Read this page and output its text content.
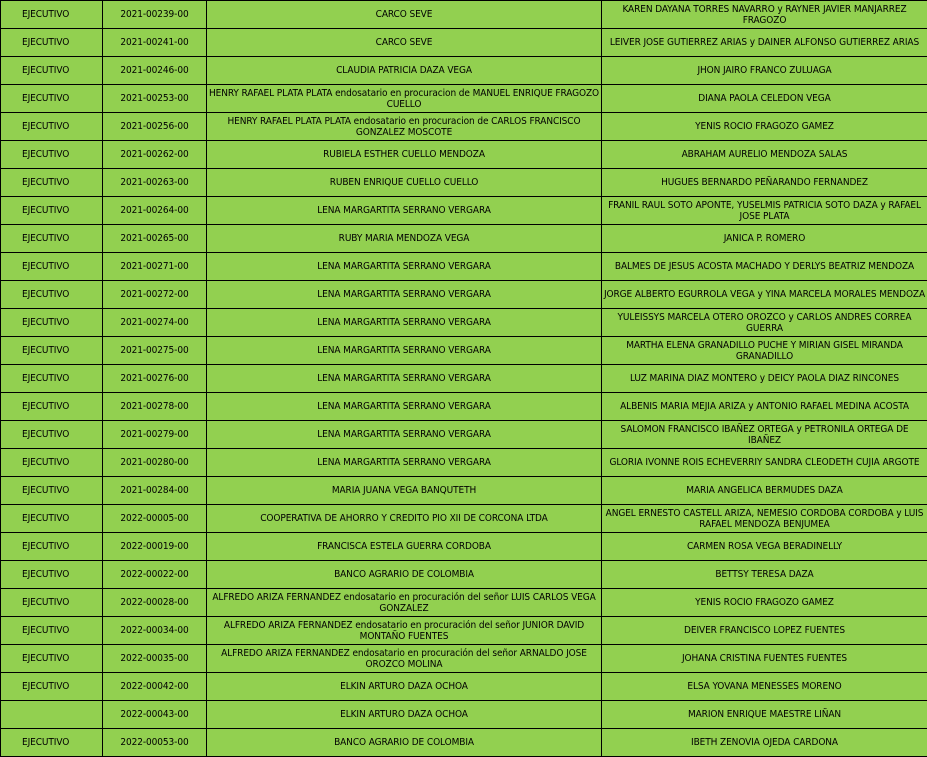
EJECUTIVO	2021-00239-00	CARCO SEVE	KAREN DAYANA TORRES NAVARRO y RAYNER JAVIER MANJARREZ FRAGOZO
EJECUTIVO	2021-00241-00	CARCO SEVE	LEIVER JOSE GUTIERREZ ARIAS y DAINER ALFONSO GUTIERREZ ARIAS
EJECUTIVO	2021-00246-00	CLAUDIA PATRICIA DAZA VEGA	JHON JAIRO FRANCO ZULUAGA
EJECUTIVO	2021-00253-00	HENRY RAFAEL PLATA PLATA endosatario en procuracion de MANUEL ENRIQUE FRAGOZO CUELLO	DIANA PAOLA CELEDON VEGA
EJECUTIVO	2021-00256-00	HENRY RAFAEL PLATA PLATA endosatario en procuracion de CARLOS FRANCISCO GONZALEZ MOSCOTE	YENIS ROCIO FRAGOZO GAMEZ
EJECUTIVO	2021-00262-00	RUBIELA ESTHER CUELLO MENDOZA	ABRAHAM AURELIO MENDOZA SALAS
EJECUTIVO	2021-00263-00	RUBEN ENRIQUE CUELLO CUELLO	HUGUES BERNARDO PEÑARANDO FERNANDEZ
EJECUTIVO	2021-00264-00	LENA MARGARTITA SERRANO VERGARA	FRANIL RAUL SOTO APONTE, YUSELMIS PATRICIA SOTO DAZA y RAFAEL JOSE PLATA
EJECUTIVO	2021-00265-00	RUBY MARIA MENDOZA VEGA	JANICA P. ROMERO
EJECUTIVO	2021-00271-00	LENA MARGARTITA SERRANO VERGARA	BALMES DE JESUS ACOSTA MACHADO Y DERLYS BEATRIZ MENDOZA
EJECUTIVO	2021-00272-00	LENA MARGARTITA SERRANO VERGARA	JORGE ALBERTO EGURROLA VEGA y YINA MARCELA MORALES MENDOZA
EJECUTIVO	2021-00274-00	LENA MARGARTITA SERRANO VERGARA	YULEISSYS MARCELA OTERO OROZCO y CARLOS ANDRES CORREA GUERRA
EJECUTIVO	2021-00275-00	LENA MARGARTITA SERRANO VERGARA	MARTHA ELENA GRANADILLO PUCHE Y MIRIAN GISEL MIRANDA GRANADILLO
EJECUTIVO	2021-00276-00	LENA MARGARTITA SERRANO VERGARA	LUZ MARINA DIAZ MONTERO y DEICY PAOLA DIAZ RINCONES
EJECUTIVO	2021-00278-00	LENA MARGARTITA SERRANO VERGARA	ALBENIS MARIA MEJIA ARIZA y ANTONIO RAFAEL MEDINA ACOSTA
EJECUTIVO	2021-00279-00	LENA MARGARTITA SERRANO VERGARA	SALOMON FRANCISCO IBAÑEZ ORTEGA y PETRONILA ORTEGA DE IBAÑEZ
EJECUTIVO	2021-00280-00	LENA MARGARTITA SERRANO VERGARA	GLORIA IVONNE ROIS ECHEVERRIY SANDRA CLEODETH CUJIA ARGOTE
EJECUTIVO	2021-00284-00	MARIA JUANA VEGA BANQUTETH	MARIA ANGELICA BERMUDES DAZA
EJECUTIVO	2022-00005-00	COOPERATIVA DE AHORRO Y CREDITO PIO XII DE CORCONA LTDA	ANGEL ERNESTO CASTELL ARIZA, NEMESIO CORDOBA CORDOBA y LUIS RAFAEL MENDOZA BENJUMEA
EJECUTIVO	2022-00019-00	FRANCISCA ESTELA GUERRA CORDOBA	CARMEN ROSA VEGA BERADINELLY
EJECUTIVO	2022-00022-00	BANCO AGRARIO DE COLOMBIA	BETTSY TERESA DAZA
EJECUTIVO	2022-00028-00	ALFREDO ARIZA FERNANDEZ endosatario en procuración del señor LUIS CARLOS VEGA GONZALEZ	YENIS ROCIO FRAGOZO GAMEZ
EJECUTIVO	2022-00034-00	ALFREDO ARIZA FERNANDEZ endosatario en procuración del señor JUNIOR DAVID MONTAÑO FUENTES	DEIVER FRANCISCO LOPEZ FUENTES
EJECUTIVO	2022-00035-00	ALFREDO ARIZA FERNANDEZ endosatario en procuración del señor ARNALDO JOSE OROZCO MOLINA	JOHANA CRISTINA FUENTES FUENTES
EJECUTIVO	2022-00042-00	ELKIN ARTURO DAZA OCHOA	ELSA YOVANA MENESSES MORENO
	2022-00043-00	ELKIN ARTURO DAZA OCHOA	MARION ENRIQUE MAESTRE LIÑAN
EJECUTIVO	2022-00053-00	BANCO AGRARIO DE COLOMBIA	IBETH ZENOVIA OJEDA CARDONA
